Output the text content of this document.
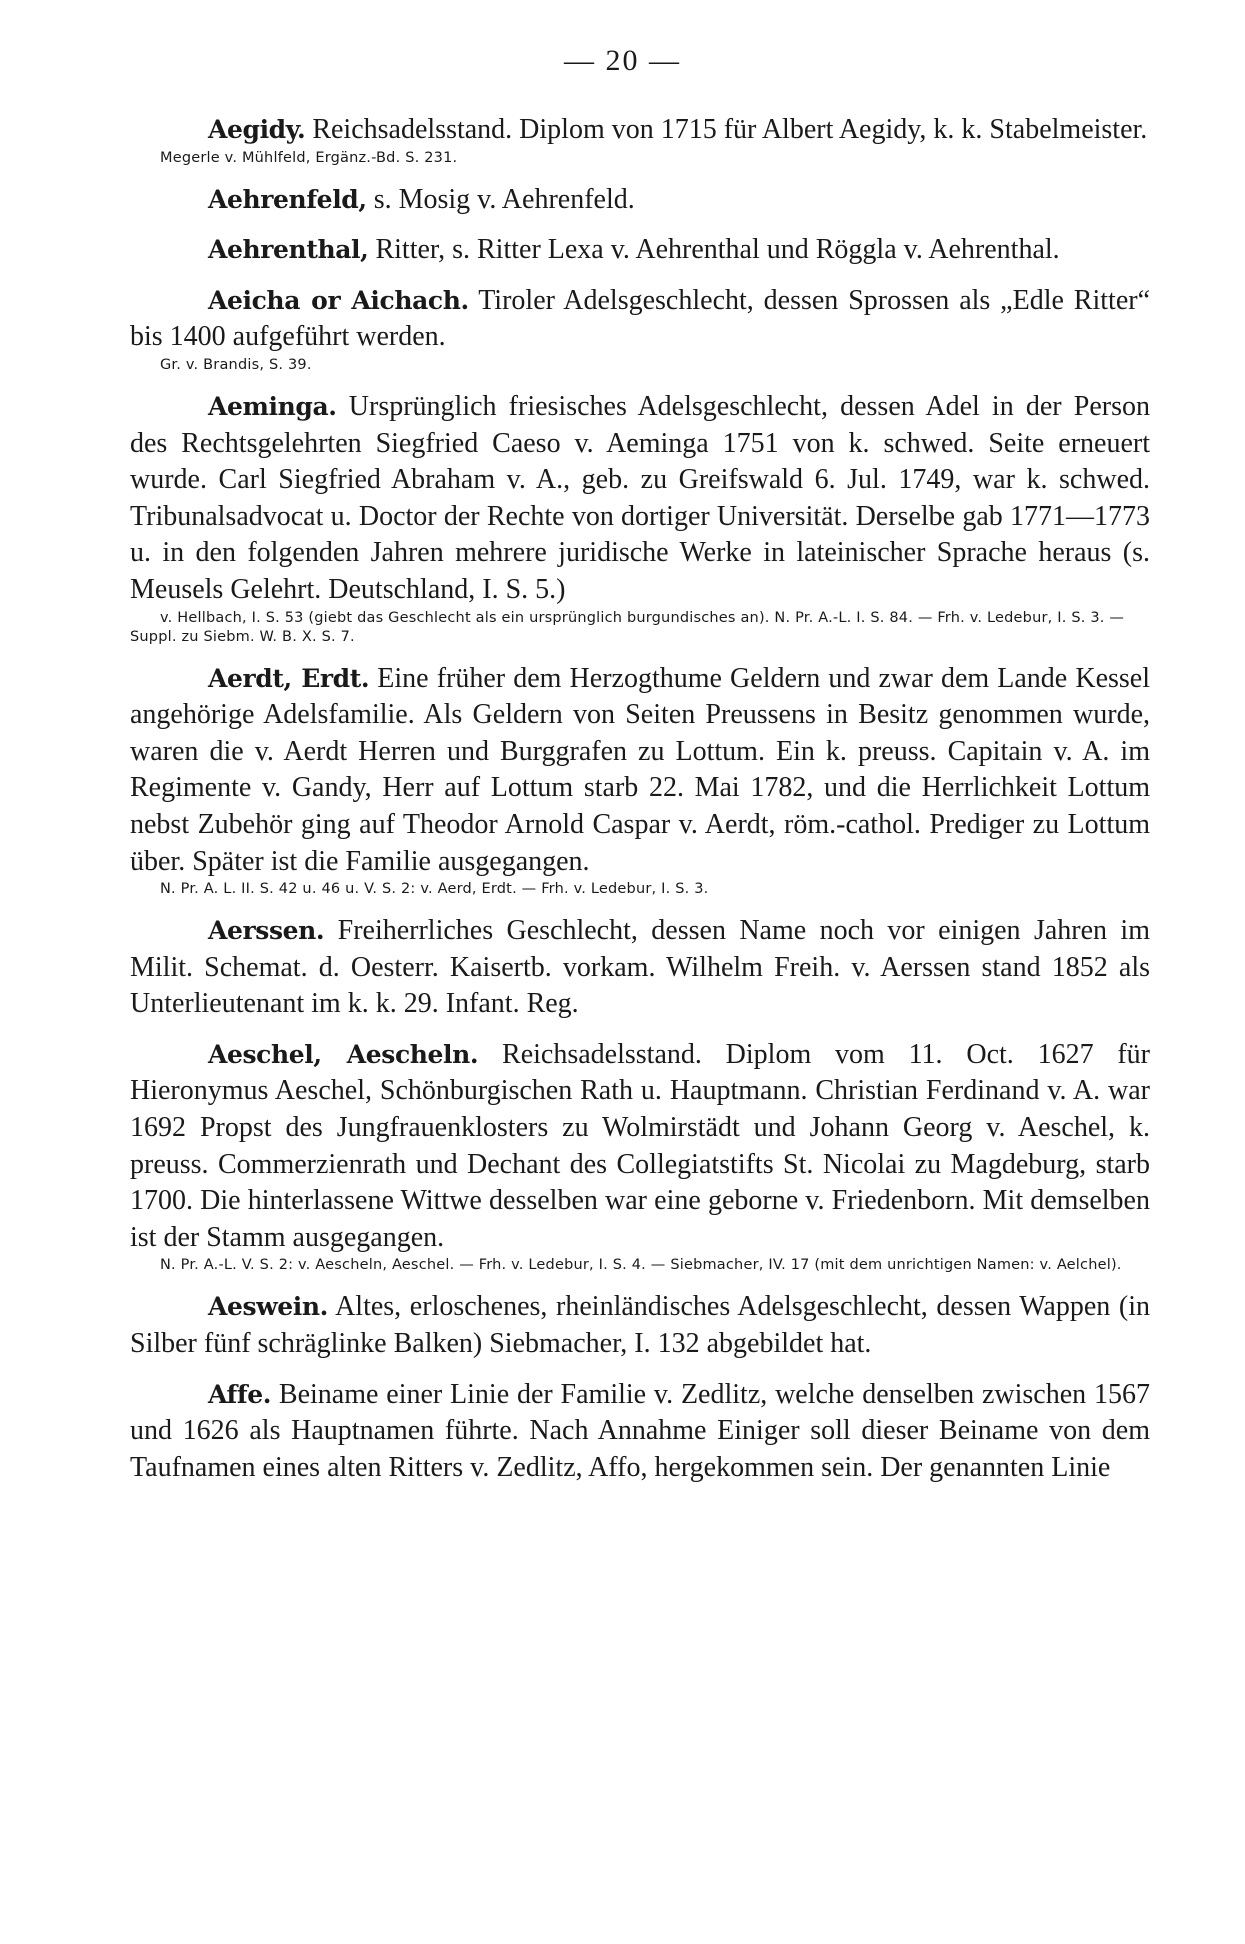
— 20 —

Aegidy. Reichsadelsstand. Diplom von 1715 für Albert Aegidy, k. k. Stabelmeister.

Megerle v. Mühlfeld, Ergänz.-Bd. S. 231.

Aehrenfeld, s. Mosig v. Aehrenfeld.

Aehrenthal, Ritter, s. Ritter Lexa v. Aehrenthal und Röggla v. Aehrenthal.

Aeicha or Aichach. Tiroler Adelsgeschlecht, dessen Sprossen als „Edle Ritter“ bis 1400 aufgeführt werden.

Gr. v. Brandis, S. 39.

Aeminga. Ursprünglich friesisches Adelsgeschlecht, dessen Adel in der Person des Rechtsgelehrten Siegfried Caeso v. Aeminga 1751 von k. schwed. Seite erneuert wurde. Carl Siegfried Abraham v. A., geb. zu Greifswald 6. Jul. 1749, war k. schwed. Tribunalsadvocat u. Doctor der Rechte von dortiger Universität. Derselbe gab 1771—1773 u. in den folgenden Jahren mehrere juridische Werke in lateinischer Sprache heraus (s. Meusels Gelehrt. Deutschland, I. S. 5.)

v. Hellbach, I. S. 53 (giebt das Geschlecht als ein ursprünglich burgundisches an). N. Pr. A.-L. I. S. 84. — Frh. v. Ledebur, I. S. 3. — Suppl. zu Siebm. W. B. X. S. 7.

Aerdt, Erdt. Eine früher dem Herzogthume Geldern und zwar dem Lande Kessel angehörige Adelsfamilie. Als Geldern von Seiten Preussens in Besitz genommen wurde, waren die v. Aerdt Herren und Burggrafen zu Lottum. Ein k. preuss. Capitain v. A. im Regimente v. Gandy, Herr auf Lottum starb 22. Mai 1782, und die Herrlichkeit Lottum nebst Zubehör ging auf Theodor Arnold Caspar v. Aerdt, röm.-cathol. Prediger zu Lottum über. Später ist die Familie ausgegangen.

N. Pr. A. L. II. S. 42 u. 46 u. V. S. 2: v. Aerd, Erdt. — Frh. v. Ledebur, I. S. 3.

Aerssen. Freiherrliches Geschlecht, dessen Name noch vor einigen Jahren im Milit. Schemat. d. Oesterr. Kaisertb. vorkam. Wilhelm Freih. v. Aerssen stand 1852 als Unterlieutenant im k. k. 29. Infant. Reg.

Aeschel, Aescheln. Reichsadelsstand. Diplom vom 11. Oct. 1627 für Hieronymus Aeschel, Schönburgischen Rath u. Hauptmann. Christian Ferdinand v. A. war 1692 Propst des Jungfrauenklosters zu Wolmirstädt und Johann Georg v. Aeschel, k. preuss. Commerzienrath und Dechant des Collegiatstifts St. Nicolai zu Magdeburg, starb 1700. Die hinterlassene Wittwe desselben war eine geborne v. Friedenborn. Mit demselben ist der Stamm ausgegangen.

N. Pr. A.-L. V. S. 2: v. Aescheln, Aeschel. — Frh. v. Ledebur, I. S. 4. — Siebmacher, IV. 17 (mit dem unrichtigen Namen: v. Aelchel).

Aeswein. Altes, erloschenes, rheinländisches Adelsgeschlecht, dessen Wappen (in Silber fünf schräglinke Balken) Siebmacher, I. 132 abgebildet hat.

Affe. Beiname einer Linie der Familie v. Zedlitz, welche denselben zwischen 1567 und 1626 als Hauptnamen führte. Nach Annahme Einiger soll dieser Beiname von dem Taufnamen eines alten Ritters v. Zedlitz, Affo, hergekommen sein. Der genannten Linie
